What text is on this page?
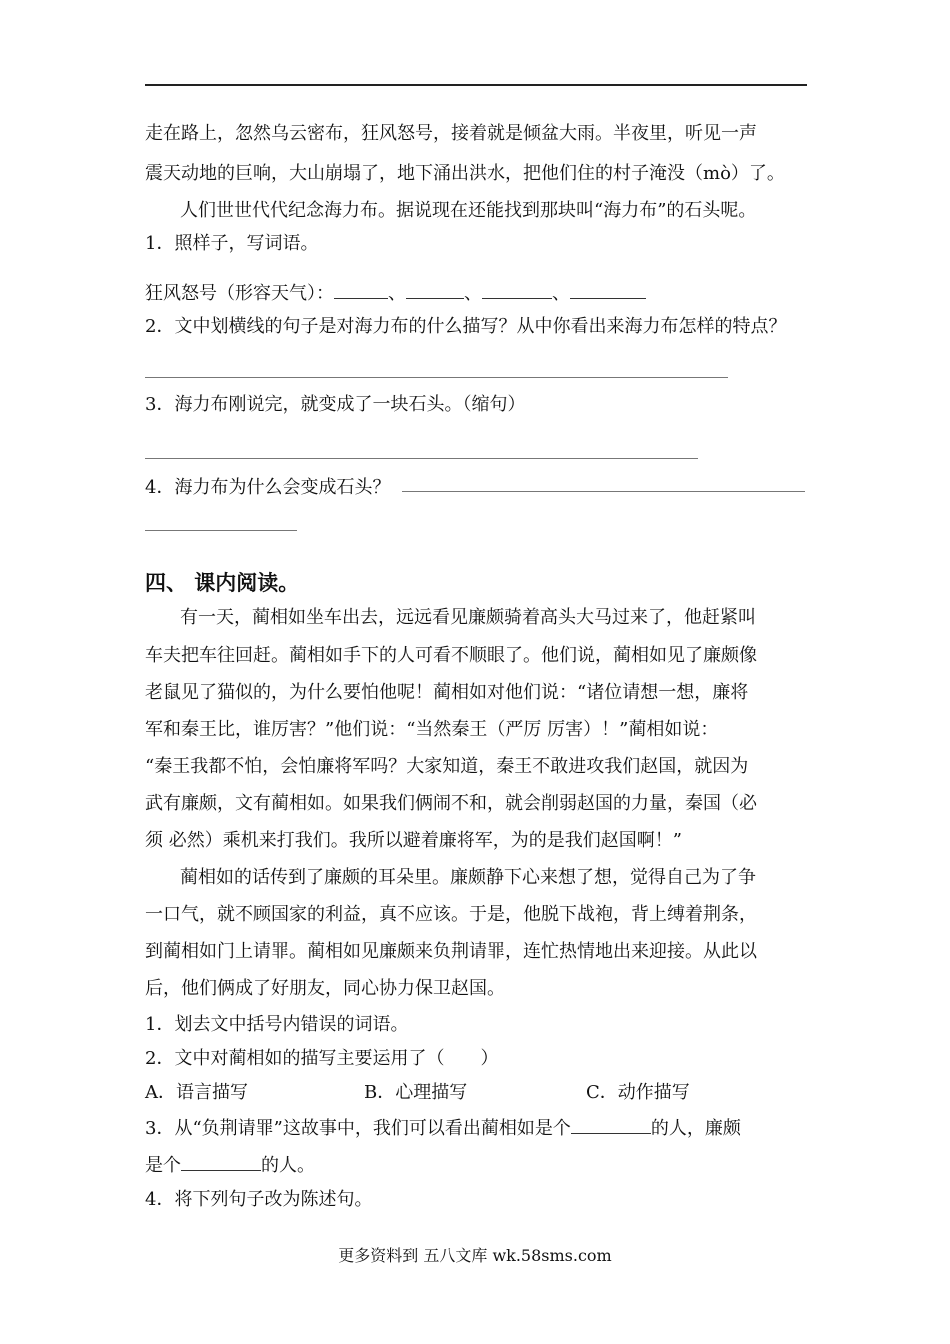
走在路上，忽然乌云密布，狂风怒号，接着就是倾盆大雨。半夜里，听见一声
震天动地的巨响，大山崩塌了，地下涌出洪水，把他们住的村子淹没（mò）了。
人们世世代代纪念海力布。据说现在还能找到那块叫“海力布”的石头呢。
1．照样子，写词语。
狂风怒号（形容天气）：	、	、	、
2．文中划横线的句子是对海力布的什么描写？从中你看出来海力布怎样的特点？
3．海力布刚说完，就变成了一块石头。（缩句）
4．海力布为什么会变成石头？
四、 课内阅读。
有一天，蔺相如坐车出去，远远看见廉颇骑着高头大马过来了，他赶紧叫
车夫把车往回赶。蔺相如手下的人可看不顺眼了。他们说，蔺相如见了廉颇像
老鼠见了猫似的，为什么要怕他呢！蔺相如对他们说：“诸位请想一想，廉将
军和秦王比，谁厉害？”他们说：“当然秦王（严厉 厉害）！”蔺相如说：
“秦王我都不怕，会怕廉将军吗？大家知道，秦王不敢进攻我们赵国，就因为
武有廉颇，文有蔺相如。如果我们俩闹不和，就会削弱赵国的力量，秦国（必
须 必然）乘机来打我们。我所以避着廉将军，为的是我们赵国啊！”
蔺相如的话传到了廉颇的耳朵里。廉颇静下心来想了想，觉得自己为了争
一口气，就不顾国家的利益，真不应该。于是，他脱下战袍，背上缚着荆条，
到蔺相如门上请罪。蔺相如见廉颇来负荆请罪，连忙热情地出来迎接。从此以
后，他们俩成了好朋友，同心协力保卫赵国。
1．划去文中括号内错误的词语。
2．文中对蔺相如的描写主要运用了（　　）
A．语言描写	B．心理描写	C．动作描写
3．从“负荆请罪”这故事中，我们可以看出蔺相如是个	的人，廉颇
是个	的人。
4．将下列句子改为陈述句。
更多资料到 五八文库 wk.58sms.com
